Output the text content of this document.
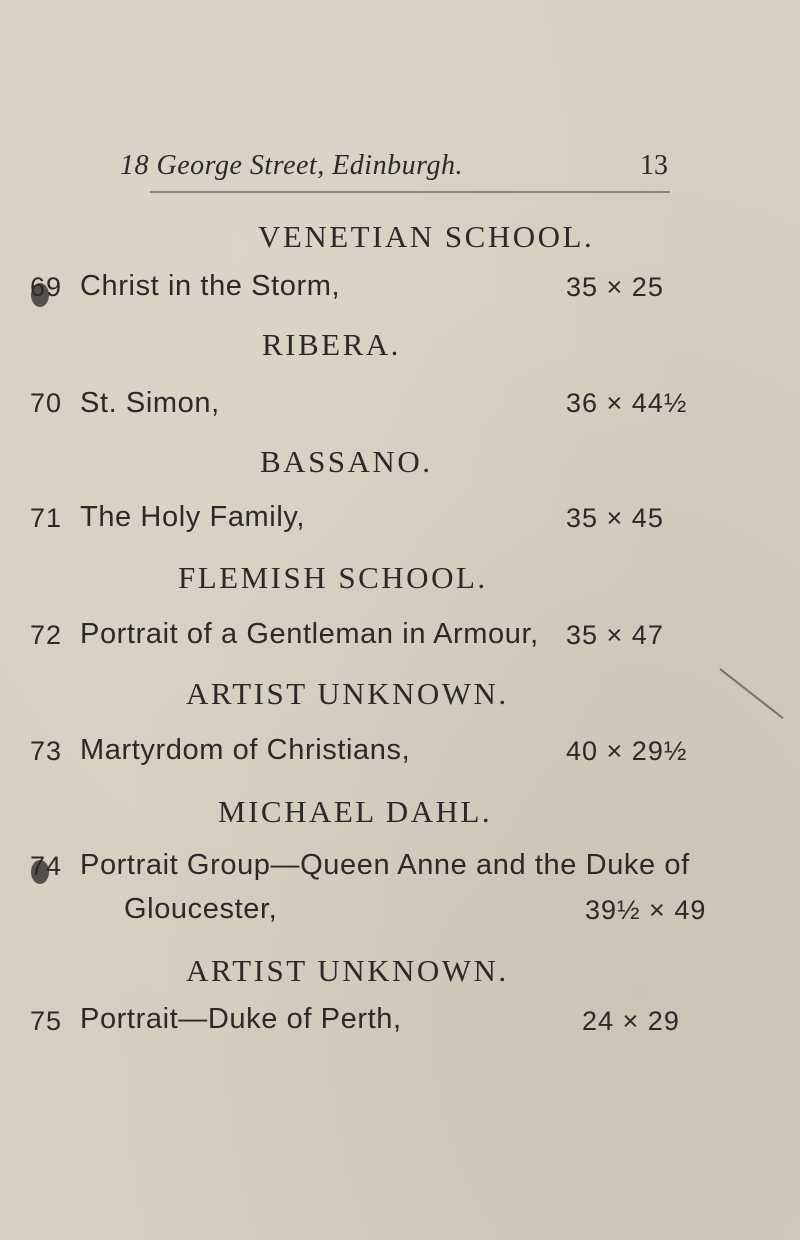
18 George Street, Edinburgh.	13
VENETIAN SCHOOL.
69 Christ in the Storm,	35 × 25
RIBERA.
70 St. Simon,	36 × 44½
BASSANO.
71 The Holy Family,	35 × 45
FLEMISH SCHOOL.
72 Portrait of a Gentleman in Armour, 35 × 47
ARTIST UNKNOWN.
73 Martyrdom of Christians,	40 × 29½
MICHAEL DAHL.
74 Portrait Group—Queen Anne and the Duke of
Gloucester,	39½ × 49
ARTIST UNKNOWN.
75 Portrait—Duke of Perth,	24 × 29
